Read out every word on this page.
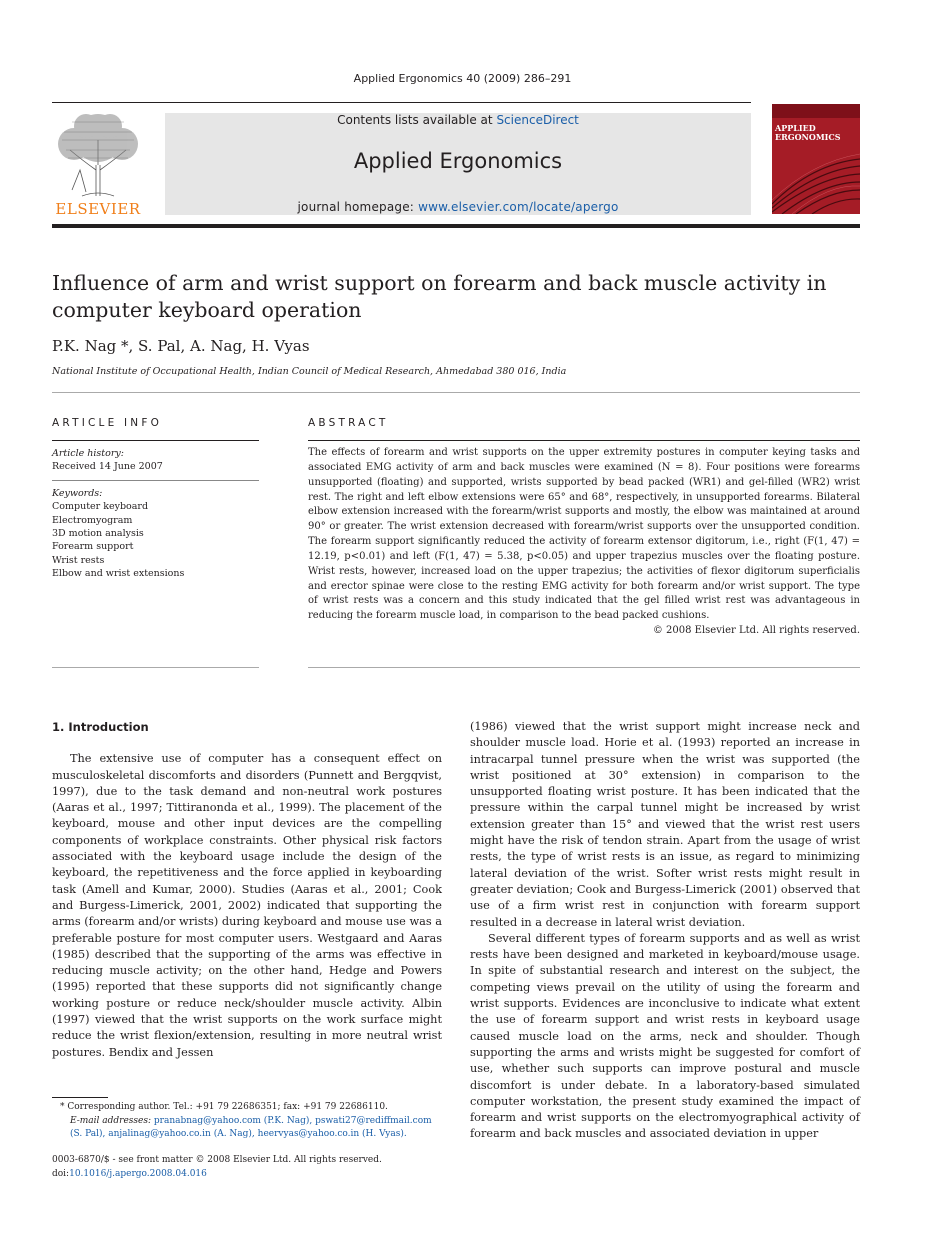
Applied Ergonomics 40 (2009) 286–291
ELSEVIER
Contents lists available at ScienceDirect
Applied Ergonomics
journal homepage: www.elsevier.com/locate/apergo
APPLIED
ERGONOMICS
Influence of arm and wrist support on forearm and back muscle activity in
computer keyboard operation
P.K. Nag *, S. Pal, A. Nag, H. Vyas
National Institute of Occupational Health, Indian Council of Medical Research, Ahmedabad 380 016, India
ARTICLE INFO
Article history:
Received 14 June 2007
Keywords:
Computer keyboard
Electromyogram
3D motion analysis
Forearm support
Wrist rests
Elbow and wrist extensions
ABSTRACT
The effects of forearm and wrist supports on the upper extremity postures in computer keying tasks and associated EMG activity of arm and back muscles were examined (N = 8). Four positions were forearms unsupported (floating) and supported, wrists supported by bead packed (WR1) and gel-filled (WR2) wrist rest. The right and left elbow extensions were 65° and 68°, respectively, in unsupported forearms. Bilateral elbow extension increased with the forearm/wrist supports and mostly, the elbow was maintained at around 90° or greater. The wrist extension decreased with forearm/wrist supports over the unsupported condition. The forearm support significantly reduced the activity of forearm extensor digitorum, i.e., right (F(1, 47) = 12.19, p<0.01) and left (F(1, 47) = 5.38, p<0.05) and upper trapezius muscles over the floating posture. Wrist rests, however, increased load on the upper trapezius; the activities of flexor digitorum superficialis and erector spinae were close to the resting EMG activity for both forearm and/or wrist support. The type of wrist rests was a concern and this study indicated that the gel filled wrist rest was advantageous in reducing the forearm muscle load, in comparison to the bead packed cushions.
© 2008 Elsevier Ltd. All rights reserved.
1. Introduction

The extensive use of computer has a consequent effect on musculoskeletal discomforts and disorders (Punnett and Bergqvist, 1997), due to the task demand and non-neutral work postures (Aaras et al., 1997; Tittiranonda et al., 1999). The placement of the keyboard, mouse and other input devices are the compelling components of workplace constraints. Other physical risk factors associated with the keyboard usage include the design of the keyboard, the repetitiveness and the force applied in keyboarding task (Amell and Kumar, 2000). Studies (Aaras et al., 2001; Cook and Burgess-Limerick, 2001, 2002) indicated that supporting the arms (forearm and/or wrists) during keyboard and mouse use was a preferable posture for most computer users. Westgaard and Aaras (1985) described that the supporting of the arms was effective in reducing muscle activity; on the other hand, Hedge and Powers (1995) reported that these supports did not significantly change working posture or reduce neck/shoulder muscle activity. Albin (1997) viewed that the wrist supports on the work surface might reduce the wrist flexion/extension, resulting in more neutral wrist postures. Bendix and Jessen

(1986) viewed that the wrist support might increase neck and shoulder muscle load. Horie et al. (1993) reported an increase in intracarpal tunnel pressure when the wrist was supported (the wrist positioned at 30° extension) in comparison to the unsupported floating wrist posture. It has been indicated that the pressure within the carpal tunnel might be increased by wrist extension greater than 15° and viewed that the wrist rest users might have the risk of tendon strain. Apart from the usage of wrist rests, the type of wrist rests is an issue, as regard to minimizing lateral deviation of the wrist. Softer wrist rests might result in greater deviation; Cook and Burgess-Limerick (2001) observed that use of a firm wrist rest in conjunction with forearm support resulted in a decrease in lateral wrist deviation.

Several different types of forearm supports and as well as wrist rests have been designed and marketed in keyboard/mouse usage. In spite of substantial research and interest on the subject, the competing views prevail on the utility of using the forearm and wrist supports. Evidences are inconclusive to indicate what extent the use of forearm support and wrist rests in keyboard usage caused muscle load on the arms, neck and shoulder. Though supporting the arms and wrists might be suggested for comfort of use, whether such supports can improve postural and muscle discomfort is under debate. In a laboratory-based simulated computer workstation, the present study examined the impact of forearm and wrist supports on the electromyographical activity of forearm and back muscles and associated deviation in upper

* Corresponding author. Tel.: +91 79 22686351; fax: +91 79 22686110.
E-mail addresses: pranabnag@yahoo.com (P.K. Nag), pswati27@rediffmail.com (S. Pal), anjalinag@yahoo.co.in (A. Nag), heervyas@yahoo.co.in (H. Vyas).
0003-6870/$ - see front matter © 2008 Elsevier Ltd. All rights reserved.
doi:10.1016/j.apergo.2008.04.016
